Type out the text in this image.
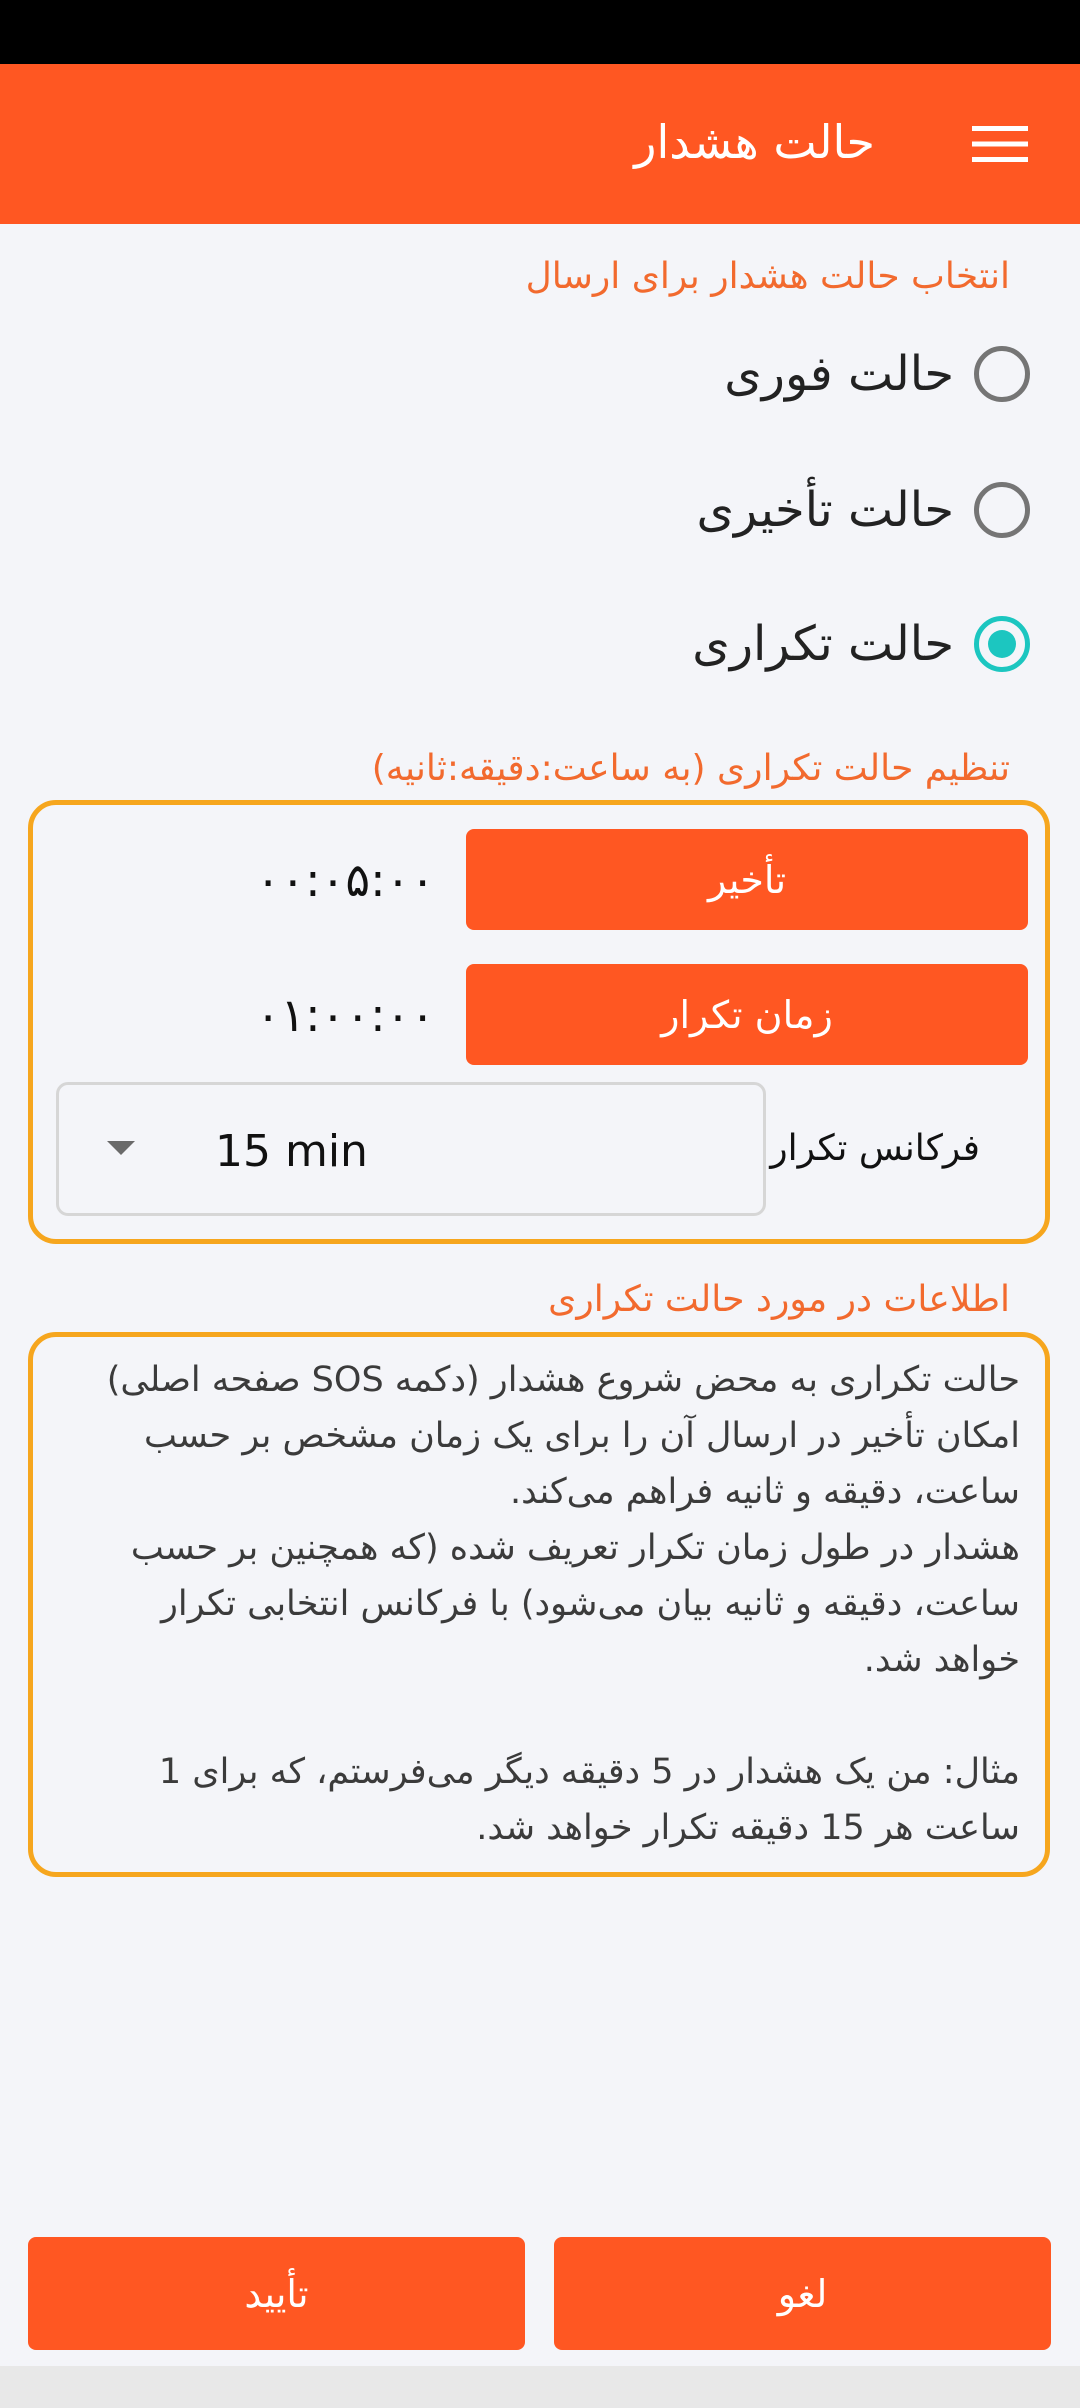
حالت هشدار
انتخاب حالت هشدار برای ارسال
حالت فوری
حالت تأخیری
حالت تکراری
تنظیم حالت تکراری (به ساعت:دقیقه:ثانیه)
تأخیر
۰۰:۰۵:۰۰
زمان تکرار
۰۱:۰۰:۰۰
15 min	فرکانس تکرار
اطلاعات در مورد حالت تکراری
حالت تکراری به محض شروع هشدار (دکمه SOS صفحه اصلی) امکان تأخیر در ارسال آن را برای یک زمان مشخص بر حسب ساعت، دقیقه و ثانیه فراهم می‌کند.
هشدار در طول زمان تکرار تعریف شده (که همچنین بر حسب ساعت، دقیقه و ثانیه بیان می‌شود) با فرکانس انتخابی تکرار خواهد شد.

مثال: من یک هشدار در 5 دقیقه دیگر می‌فرستم، که برای 1 ساعت هر 15 دقیقه تکرار خواهد شد.
تأیید	لغو
